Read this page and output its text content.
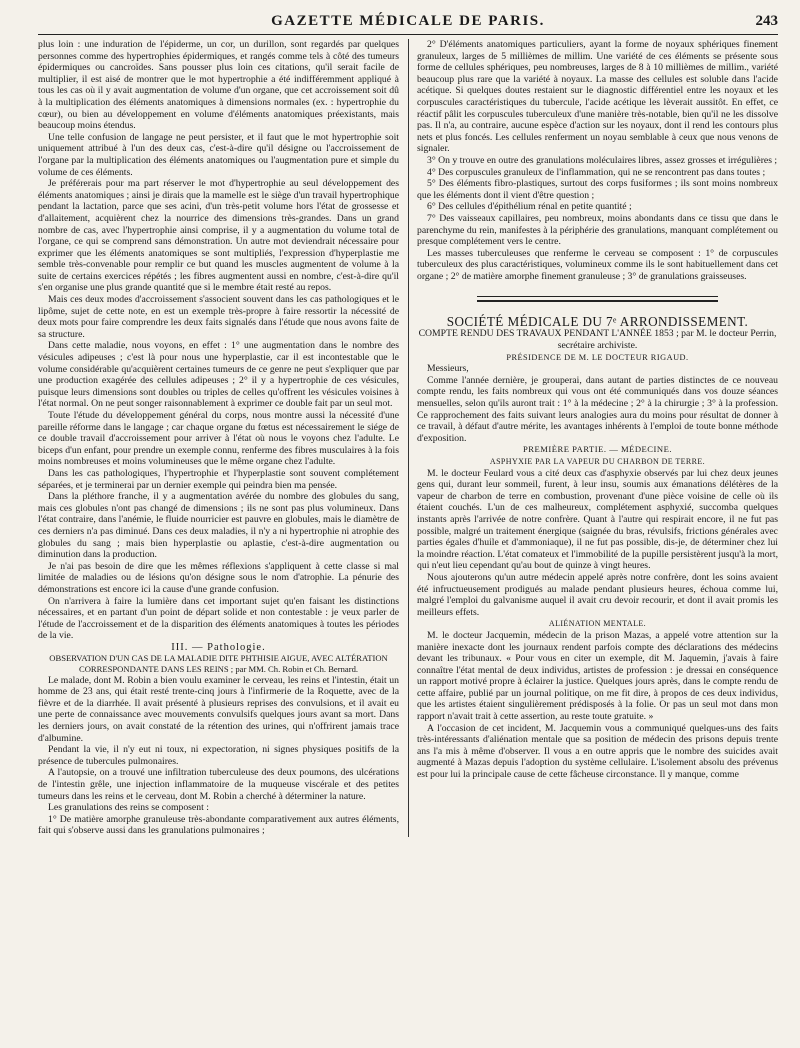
GAZETTE MÉDICALE DE PARIS.	243

plus loin : une induration de l'épiderme, un cor, un durillon, sont regardés par quelques personnes comme des hypertrophies épidermiques, et rangés comme tels à côté des tumeurs épidermiques ou cancroïdes. Sans pousser plus loin ces citations, qu'il serait facile de multiplier, il est aisé de montrer que le mot hypertrophie a été indifféremment appliqué à tous les cas où il y avait augmentation de volume d'un organe, que cet accroissement soit dû à la multiplication des éléments anatomiques à dimensions normales (ex. : hypertrophie du cœur), ou bien au développement en volume d'éléments anatomiques préexistants, mais beaucoup moins étendus.

Une telle confusion de langage ne peut persister, et il faut que le mot hypertrophie soit uniquement attribué à l'un des deux cas, c'est-à-dire qu'il désigne ou l'accroissement de l'organe par la multiplication des éléments anatomiques ou l'augmentation pure et simple du volume de ces éléments.

Je préférerais pour ma part réserver le mot d'hypertrophie au seul développement des éléments anatomiques ; ainsi je dirais que la mamelle est le siège d'un travail hypertrophique pendant la lactation, parce que ses acini, d'un très-petit volume hors l'état de grossesse et d'allaitement, acquièrent chez la nourrice des dimensions très-grandes. Dans un grand nombre de cas, avec l'hypertrophie ainsi comprise, il y a augmentation du volume total de l'organe, ce qui se comprend sans démonstration. Un autre mot deviendrait nécessaire pour exprimer que les éléments anatomiques se sont multipliés, l'expression d'hyperplastie me semble très-convenable pour remplir ce but quand les muscles augmentent de volume à la suite de certains exercices répétés ; les fibres augmentent aussi en nombre, c'est-à-dire qu'il s'en organise une plus grande quantité que si le membre était resté au repos.

Mais ces deux modes d'accroissement s'associent souvent dans les cas pathologiques et le lipôme, sujet de cette note, en est un exemple très-propre à faire ressortir la nécessité de deux mots pour faire comprendre les deux faits signalés dans l'étude que nous avons faite de sa structure.

Dans cette maladie, nous voyons, en effet : 1° une augmentation dans le nombre des vésicules adipeuses ; c'est là pour nous une hyperplastie, car il est incontestable que le volume considérable qu'acquièrent certaines tumeurs de ce genre ne peut s'expliquer que par une production exagérée des cellules adipeuses ; 2° il y a hypertrophie de ces vésicules, puisque leurs dimensions sont doubles ou triples de celles qu'offrent les vésicules voisines à l'état normal. On ne peut songer raisonnablement à exprimer ce double fait par un seul mot.

Toute l'étude du développement général du corps, nous montre aussi la nécessité d'une pareille réforme dans le langage ; car chaque organe du fœtus est nécessairement le siége de ce double travail d'accroissement pour arriver à l'état où nous le voyons chez l'adulte. Le biceps d'un enfant, pour prendre un exemple connu, renferme des fibres musculaires à la fois moins nombreuses et moins volumineuses que le même organe chez l'adulte.

Dans les cas pathologiques, l'hypertrophie et l'hyperplastie sont souvent complétement séparées, et je terminerai par un dernier exemple qui peindra bien ma pensée.

Dans la pléthore franche, il y a augmentation avérée du nombre des globules du sang, mais ces globules n'ont pas changé de dimensions ; ils ne sont pas plus volumineux. Dans l'état contraire, dans l'anémie, le fluide nourricier est pauvre en globules, mais le diamètre de ces derniers n'a pas diminué. Dans ces deux maladies, il n'y a ni hypertrophie ni atrophie des globules du sang ; mais bien hyperplastie ou aplastie, c'est-à-dire augmentation ou diminution dans la production.

Je n'ai pas besoin de dire que les mêmes réflexions s'appliquent à cette classe si mal limitée de maladies ou de lésions qu'on désigne sous le nom d'atrophie. La pénurie des démonstrations est encore ici la cause d'une grande confusion.

On n'arrivera à faire la lumière dans cet important sujet qu'en faisant les distinctions nécessaires, et en partant d'un point de départ solide et non contestable : je veux parler de l'étude de l'accroissement et de la disparition des éléments anatomiques à toutes les périodes de la vie.

III. — Pathologie.

OBSERVATION D'UN CAS DE LA MALADIE DITE PHTHISIE AIGUE, AVEC ALTÉRATION CORRESPONDANTE DANS LES REINS ; par MM. Ch. Robin et Ch. Bernard.

Le malade, dont M. Robin a bien voulu examiner le cerveau, les reins et l'intestin, était un homme de 23 ans, qui était resté trente-cinq jours à l'infirmerie de la Roquette, avec de la fièvre et de la diarrhée. Il avait présenté à plusieurs reprises des convulsions, et il avait eu une perte de connaissance avec mouvements convulsifs quelques jours avant sa mort. Dans les derniers jours, on avait constaté de la rétention des urines, qui n'offrirent jamais trace d'albumine.

Pendant la vie, il n'y eut ni toux, ni expectoration, ni signes physiques positifs de la présence de tubercules pulmonaires.

A l'autopsie, on a trouvé une infiltration tuberculeuse des deux poumons, des ulcérations de l'intestin grêle, une injection inflammatoire de la muqueuse viscérale et des petites tumeurs dans les reins et le cerveau, dont M. Robin a cherché à déterminer la nature.

Les granulations des reins se composent :

1° De matière amorphe granuleuse très-abondante comparativement aux autres éléments, fait qui s'observe aussi dans les granulations pulmonaires ;

2° D'éléments anatomiques particuliers, ayant la forme de noyaux sphériques finement granuleux, larges de 5 millièmes de millim. Une variété de ces éléments se présente sous forme de cellules sphériques, peu nombreuses, larges de 8 à 10 millièmes de millim., variété beaucoup plus rare que la variété à noyaux. La masse des cellules est soluble dans l'acide acétique. Si quelques doutes restaient sur le diagnostic différentiel entre les noyaux et les corpuscules caractéristiques du tubercule, l'acide acétique les lèverait aussitôt. En effet, ce réactif pâlit les corpuscules tuberculeux d'une manière très-notable, bien qu'il ne les dissolve pas. Il n'a, au contraire, aucune espèce d'action sur les noyaux, dont il rend les contours plus nets et plus foncés. Les cellules renferment un noyau semblable à ceux que nous venons de signaler.

3° On y trouve en outre des granulations moléculaires libres, assez grosses et irrégulières ;

4° Des corpuscules granuleux de l'inflammation, qui ne se rencontrent pas dans toutes ;

5° Des éléments fibro-plastiques, surtout des corps fusiformes ; ils sont moins nombreux que les éléments dont il vient d'être question ;

6° Des cellules d'épithélium rénal en petite quantité ;

7° Des vaisseaux capillaires, peu nombreux, moins abondants dans ce tissu que dans le parenchyme du rein, manifestes à la périphérie des granulations, manquant complétement ou presque complétement vers le centre.

Les masses tuberculeuses que renferme le cerveau se composent : 1° de corpuscules tuberculeux des plus caractéristiques, volumineux comme ils le sont habituellement dans cet organe ; 2° de matière amorphe finement granuleuse ; 3° de granulations graisseuses.

SOCIÉTÉ MÉDICALE DU 7ᵉ ARRONDISSEMENT.

COMPTE RENDU DES TRAVAUX PENDANT L'ANNÉE 1853 ; par M. le docteur Perrin, secrétaire archiviste.

PRÉSIDENCE DE M. LE DOCTEUR RIGAUD.

Messieurs,

Comme l'année dernière, je grouperai, dans autant de parties distinctes de ce nouveau compte rendu, les faits nombreux qui vous ont été communiqués dans vos douze séances mensuelles, selon qu'ils auront trait : 1° à la médecine ; 2° à la chirurgie ; 3° à la profession. Ce rapprochement des faits suivant leurs analogies aura du moins pour résultat de donner à ce travail, à défaut d'autre mérite, les avantages inhérents à l'emploi de toute bonne méthode d'exposition.

PREMIÈRE PARTIE. — MÉDECINE.

ASPHYXIE PAR LA VAPEUR DU CHARBON DE TERRE.

M. le docteur Feulard vous a cité deux cas d'asphyxie observés par lui chez deux jeunes gens qui, durant leur sommeil, furent, à leur insu, soumis aux émanations délétères de la vapeur de charbon de terre en combustion, provenant d'une pièce voisine de celle où ils étaient couchés. L'un de ces malheureux, complétement asphyxié, succomba quelques instants après l'arrivée de notre confrère. Quant à l'autre qui respirait encore, il ne fut pas possible, malgré un traitement énergique (saignée du bras, révulsifs, frictions générales avec parties égales d'huile et d'ammoniaque), il ne fut pas possible, dis-je, de déterminer chez lui la moindre réaction. L'état comateux et l'immobilité de la pupille persistèrent jusqu'à la mort, qui n'eut lieu cependant qu'au bout de quinze à vingt heures.

Nous ajouterons qu'un autre médecin appelé après notre confrère, dont les soins avaient été infructueusement prodigués au malade pendant plusieurs heures, échoua comme lui, malgré l'emploi du galvanisme auquel il avait cru devoir recourir, et dont il avait promis les meilleurs effets.

ALIÉNATION MENTALE.

M. le docteur Jacquemin, médecin de la prison Mazas, a appelé votre attention sur la manière inexacte dont les journaux rendent parfois compte des déclarations des médecins devant les tribunaux. « Pour vous en citer un exemple, dit M. Jaquemin, j'avais à faire connaître l'état mental de deux individus, artistes de profession : je dressai en conséquence un rapport motivé propre à éclairer la justice. Quelques jours après, dans le compte rendu de cette affaire, publié par un journal politique, on me fit dire, à propos de ces deux individus, que les artistes étaient singulièrement prédisposés à la folie. Or pas un seul mot dans mon rapport n'avait trait à cette assertion, au reste toute gratuite. »

A l'occasion de cet incident, M. Jacquemin vous a communiqué quelques-uns des faits très-intéressants d'aliénation mentale que sa position de médecin des prisons depuis trente ans l'a mis à même d'observer. Il vous a en outre appris que le nombre des suicides avait augmenté à Mazas depuis l'adoption du système cellulaire. L'isolement absolu des prévenus est pour lui la principale cause de cette fâcheuse circonstance. Il y manque, comme
